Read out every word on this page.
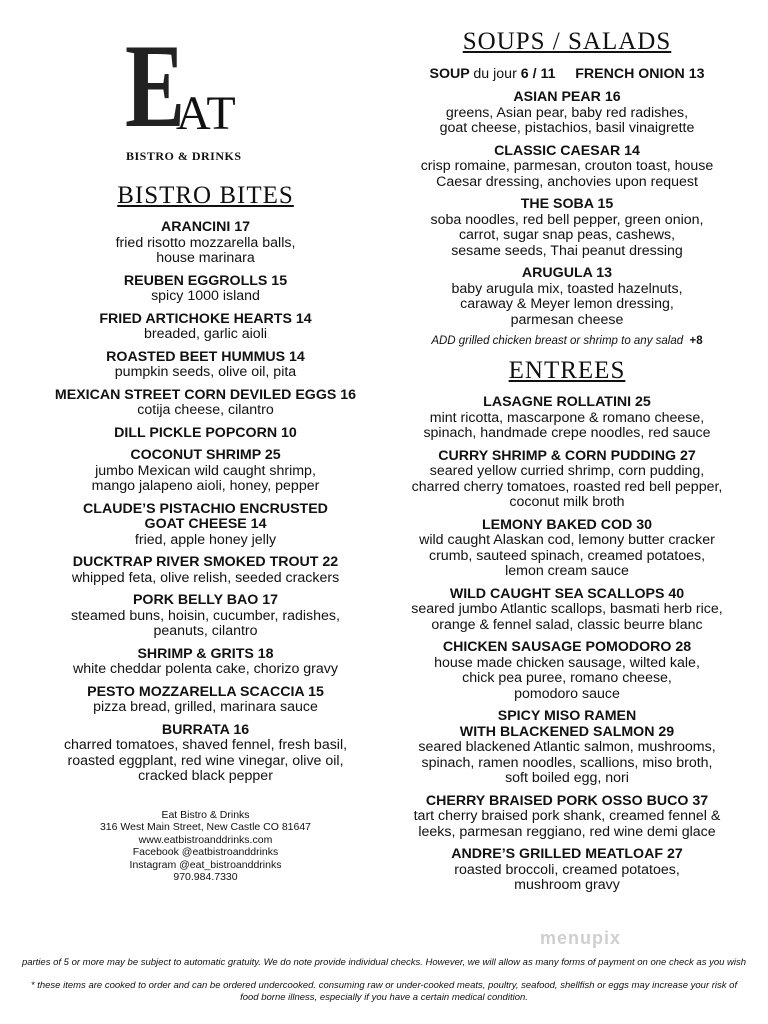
E
AT
BISTRO & DRINKS
BISTRO BITES
ARANCINI 17
fried risotto mozzarella balls,
house marinara
REUBEN EGGROLLS 15
spicy 1000 island
FRIED ARTICHOKE HEARTS 14
breaded, garlic aioli
ROASTED BEET HUMMUS 14
pumpkin seeds, olive oil, pita
MEXICAN STREET CORN DEVILED EGGS 16
cotija cheese, cilantro
DILL PICKLE POPCORN 10
COCONUT SHRIMP 25
jumbo Mexican wild caught shrimp,
mango jalapeno aioli, honey, pepper
CLAUDE’S PISTACHIO ENCRUSTED
GOAT CHEESE 14
fried, apple honey jelly
DUCKTRAP RIVER SMOKED TROUT 22
whipped feta, olive relish, seeded crackers
PORK BELLY BAO 17
steamed buns, hoisin, cucumber, radishes,
peanuts, cilantro
SHRIMP & GRITS 18
white cheddar polenta cake, chorizo gravy
PESTO MOZZARELLA SCACCIA 15
pizza bread, grilled, marinara sauce
BURRATA 16
charred tomatoes, shaved fennel, fresh basil,
roasted eggplant, red wine vinegar, olive oil,
cracked black pepper
Eat Bistro & Drinks
316 West Main Street, New Castle CO 81647
www.eatbistroanddrinks.com
Facebook @eatbistroanddrinks
Instagram @eat_bistroanddrinks
970.984.7330
SOUPS / SALADS
SOUP du jour 6 / 11 FRENCH ONION 13
ASIAN PEAR 16
greens, Asian pear, baby red radishes,
goat cheese, pistachios, basil vinaigrette
CLASSIC CAESAR 14
crisp romaine, parmesan, crouton toast, house
Caesar dressing, anchovies upon request
THE SOBA 15
soba noodles, red bell pepper, green onion,
carrot, sugar snap peas, cashews,
sesame seeds, Thai peanut dressing
ARUGULA 13
baby arugula mix, toasted hazelnuts,
caraway & Meyer lemon dressing,
parmesan cheese
ADD grilled chicken breast or shrimp to any salad +8
ENTREES
LASAGNE ROLLATINI 25
mint ricotta, mascarpone & romano cheese,
spinach, handmade crepe noodles, red sauce
CURRY SHRIMP & CORN PUDDING 27
seared yellow curried shrimp, corn pudding,
charred cherry tomatoes, roasted red bell pepper,
coconut milk broth
LEMONY BAKED COD 30
wild caught Alaskan cod, lemony butter cracker
crumb, sauteed spinach, creamed potatoes,
lemon cream sauce
WILD CAUGHT SEA SCALLOPS 40
seared jumbo Atlantic scallops, basmati herb rice,
orange & fennel salad, classic beurre blanc
CHICKEN SAUSAGE POMODORO 28
house made chicken sausage, wilted kale,
chick pea puree, romano cheese,
pomodoro sauce
SPICY MISO RAMEN
WITH BLACKENED SALMON 29
seared blackened Atlantic salmon, mushrooms,
spinach, ramen noodles, scallions, miso broth,
soft boiled egg, nori
CHERRY BRAISED PORK OSSO BUCO 37
tart cherry braised pork shank, creamed fennel &
leeks, parmesan reggiano, red wine demi glace
ANDRE’S GRILLED MEATLOAF 27
roasted broccoli, creamed potatoes,
mushroom gravy
menupix
parties of 5 or more may be subject to automatic gratuity. We do note provide individual checks. However, we will allow as many forms of payment on one check as you wish
* these items are cooked to order and can be ordered undercooked. consuming raw or under-cooked meats, poultry, seafood, shellfish or eggs may increase your risk of food borne illness, especially if you have a certain medical condition.
